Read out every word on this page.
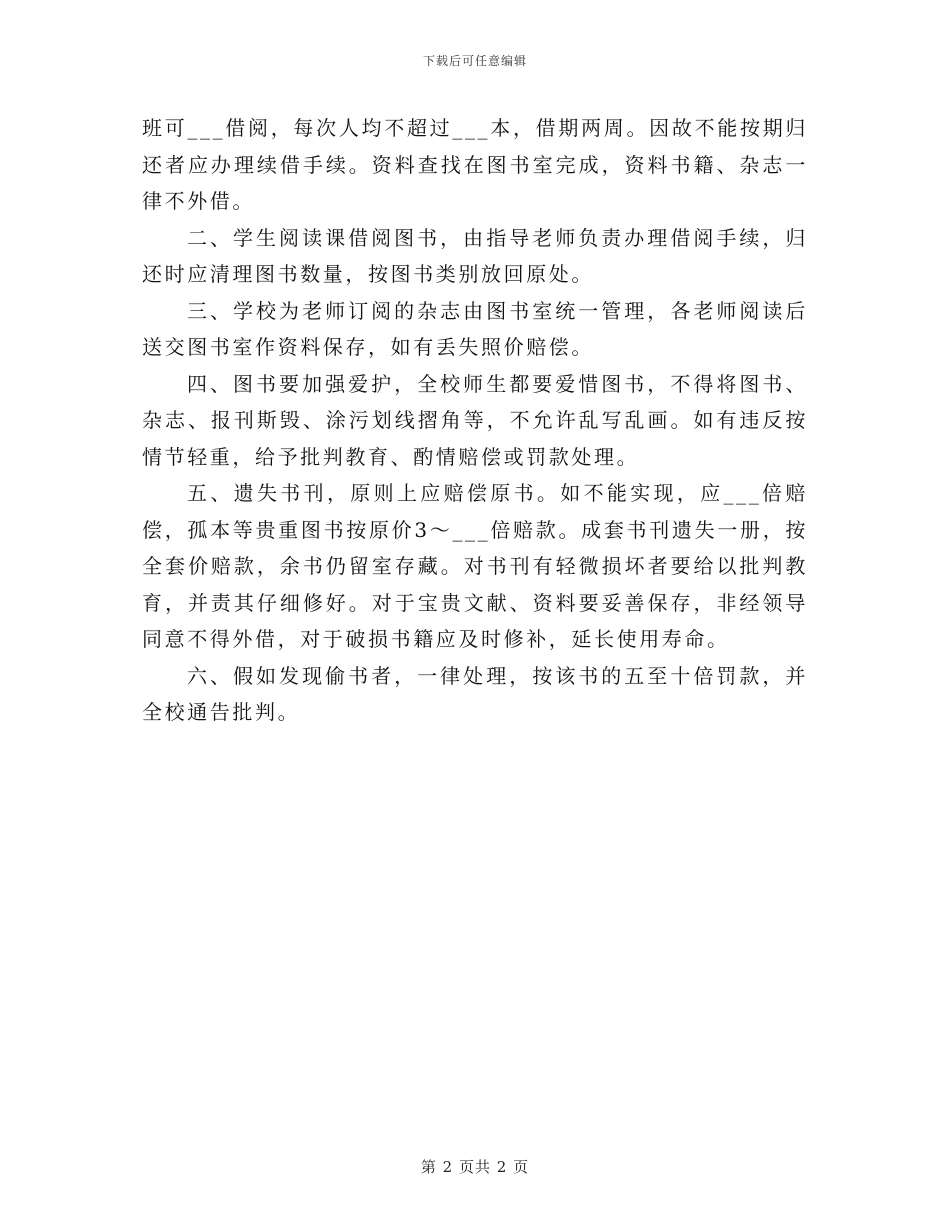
下载后可任意编辑

班可___借阅，每次人均不超过___本，借期两周。因故不能按期归还者应办理续借手续。资料查找在图书室完成，资料书籍、杂志一律不外借。

二、学生阅读课借阅图书，由指导老师负责办理借阅手续，归还时应清理图书数量，按图书类别放回原处。

三、学校为老师订阅的杂志由图书室统一管理，各老师阅读后送交图书室作资料保存，如有丢失照价赔偿。

四、图书要加强爱护，全校师生都要爱惜图书，不得将图书、杂志、报刊斯毁、涂污划线摺角等，不允许乱写乱画。如有违反按情节轻重，给予批判教育、酌情赔偿或罚款处理。

五、遗失书刊，原则上应赔偿原书。如不能实现，应___倍赔偿，孤本等贵重图书按原价3～___倍赔款。成套书刊遗失一册，按全套价赔款，余书仍留室存藏。对书刊有轻微损坏者要给以批判教育，并责其仔细修好。对于宝贵文献、资料要妥善保存，非经领导同意不得外借，对于破损书籍应及时修补，延长使用寿命。

六、假如发现偷书者，一律处理，按该书的五至十倍罚款，并全校通告批判。

第 2 页共 2 页
